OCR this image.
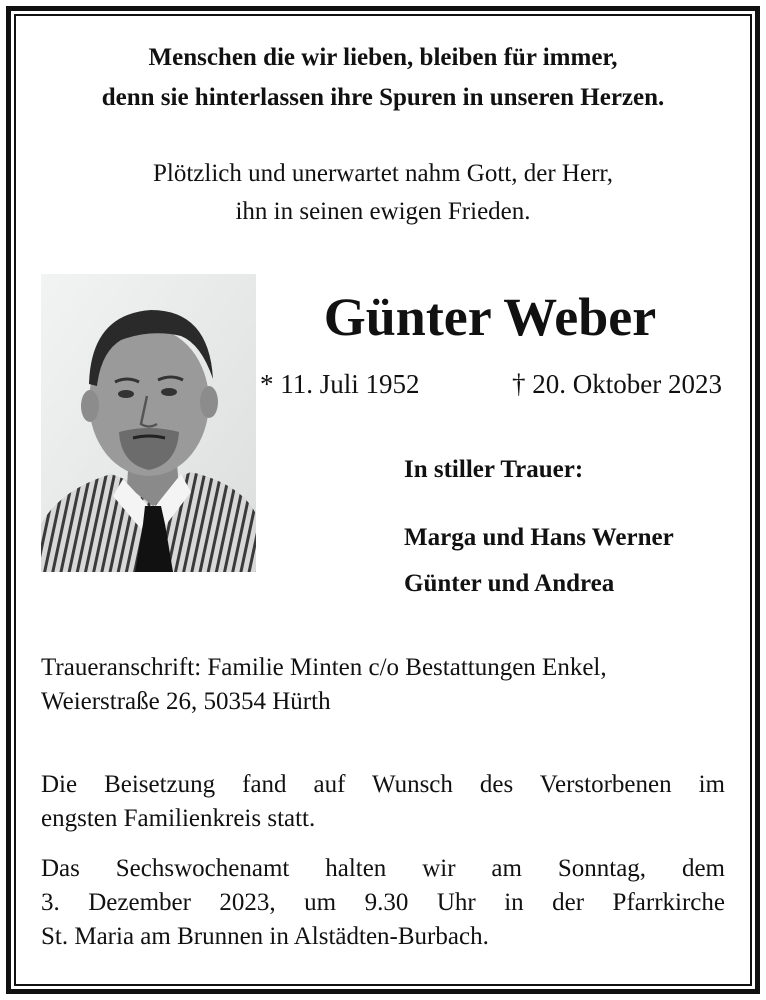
Menschen die wir lieben, bleiben für immer,
denn sie hinterlassen ihre Spuren in unseren Herzen.
Plötzlich und unerwartet nahm Gott, der Herr,
ihn in seinen ewigen Frieden.
Günter Weber
* 11. Juli 1952	† 20. Oktober 2023
In stiller Trauer:
Marga und Hans Werner
Günter und Andrea
Traueranschrift: Familie Minten c/o Bestattungen Enkel,
Weierstraße 26, 50354 Hürth
Die Beisetzung fand auf Wunsch des Verstorbenen im
engsten Familienkreis statt.
Das Sechswochenamt halten wir am Sonntag, dem
3. Dezember 2023, um 9.30 Uhr in der Pfarrkirche
St. Maria am Brunnen in Alstädten-Burbach.
